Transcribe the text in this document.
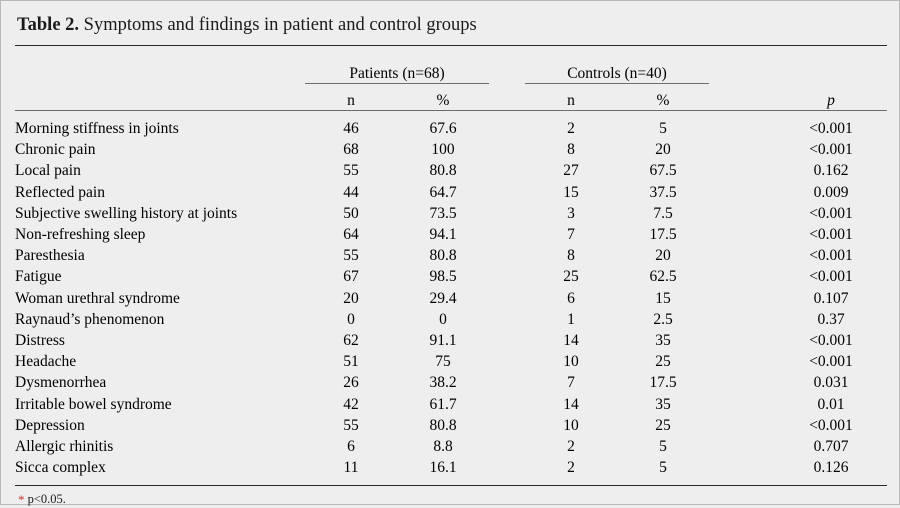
Table 2. Symptoms and findings in patient and control groups

	Patients (n=68)			Controls (n=40)			
	n	%		n	%		p

Morning stiffness in joints	46	67.6		2	5		<0.001
Chronic pain	68	100		8	20		<0.001
Local pain	55	80.8		27	67.5		0.162
Reflected pain	44	64.7		15	37.5		0.009
Subjective swelling history at joints	50	73.5		3	7.5		<0.001
Non-refreshing sleep	64	94.1		7	17.5		<0.001
Paresthesia	55	80.8		8	20		<0.001
Fatigue	67	98.5		25	62.5		<0.001
Woman urethral syndrome	20	29.4		6	15		0.107
Raynaud’s phenomenon	0	0		1	2.5		0.37
Distress	62	91.1		14	35		<0.001
Headache	51	75		10	25		<0.001
Dysmenorrhea	26	38.2		7	17.5		0.031
Irritable bowel syndrome	42	61.7		14	35		0.01
Depression	55	80.8		10	25		<0.001
Allergic rhinitis	6	8.8		2	5		0.707
Sicca complex	11	16.1		2	5		0.126

* p<0.05.
